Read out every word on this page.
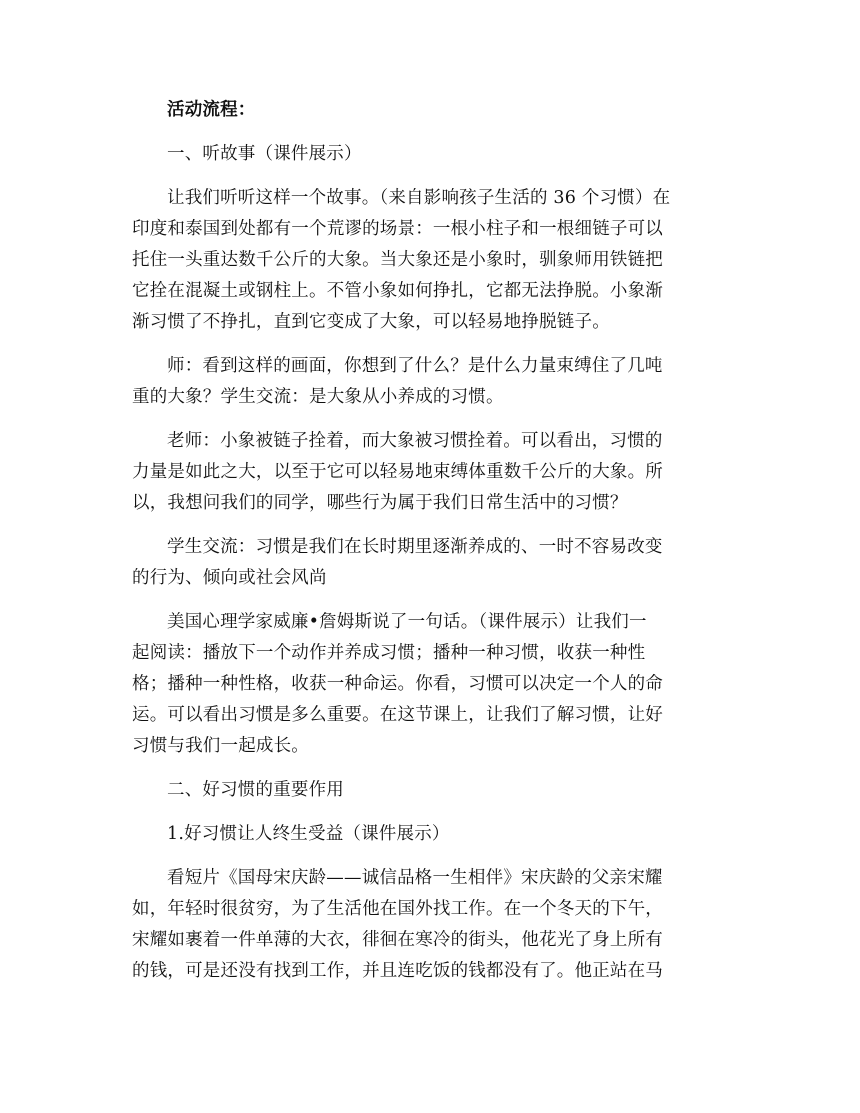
活动流程：
一、听故事（课件展示）
让我们听听这样一个故事。（来自影响孩子生活的 36 个习惯）在
印度和泰国到处都有一个荒谬的场景：一根小柱子和一根细链子可以
托住一头重达数千公斤的大象。当大象还是小象时，驯象师用铁链把
它拴在混凝土或钢柱上。不管小象如何挣扎，它都无法挣脱。小象渐
渐习惯了不挣扎，直到它变成了大象，可以轻易地挣脱链子。
师：看到这样的画面，你想到了什么？是什么力量束缚住了几吨
重的大象？学生交流：是大象从小养成的习惯。
老师：小象被链子拴着，而大象被习惯拴着。可以看出，习惯的
力量是如此之大，以至于它可以轻易地束缚体重数千公斤的大象。所
以，我想问我们的同学，哪些行为属于我们日常生活中的习惯？
学生交流：习惯是我们在长时期里逐渐养成的、一时不容易改变
的行为、倾向或社会风尚
美国心理学家威廉•詹姆斯说了一句话。（课件展示）让我们一
起阅读：播放下一个动作并养成习惯；播种一种习惯，收获一种性
格；播种一种性格，收获一种命运。你看，习惯可以决定一个人的命
运。可以看出习惯是多么重要。在这节课上，让我们了解习惯，让好
习惯与我们一起成长。
二、好习惯的重要作用
1.好习惯让人终生受益（课件展示）
看短片《国母宋庆龄——诚信品格一生相伴》宋庆龄的父亲宋耀
如，年轻时很贫穷，为了生活他在国外找工作。在一个冬天的下午，
宋耀如裹着一件单薄的大衣，徘徊在寒冷的街头，他花光了身上所有
的钱，可是还没有找到工作，并且连吃饭的钱都没有了。他正站在马
